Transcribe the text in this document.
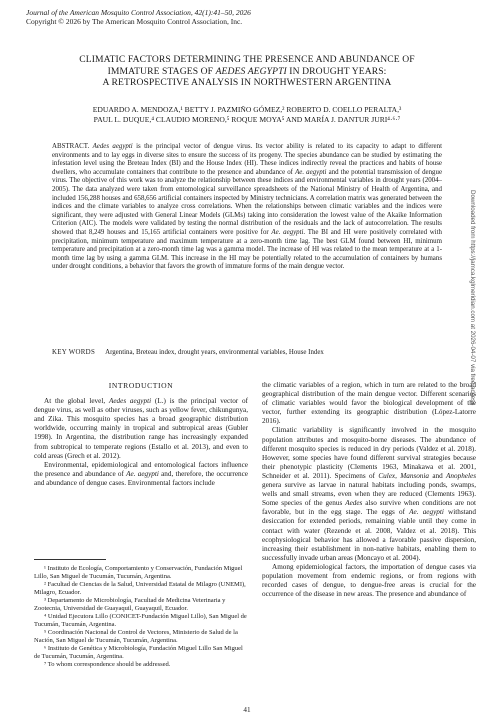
Journal of the American Mosquito Control Association, 42(1):41–50, 2026
Copyright © 2026 by The American Mosquito Control Association, Inc.
CLIMATIC FACTORS DETERMINING THE PRESENCE AND ABUNDANCE OF
IMMATURE STAGES OF AEDES AEGYPTI IN DROUGHT YEARS:
A RETROSPECTIVE ANALYSIS IN NORTHWESTERN ARGENTINA
EDUARDO A. MENDOZA,¹ BETTY J. PAZMIÑO GÓMEZ,² ROBERTO D. COELLO PERALTA,³
PAUL L. DUQUE,⁴ CLAUDIO MORENO,⁵ ROQUE MOYA⁵ AND MARÍA J. DANTUR JURI⁴·⁶·⁷
ABSTRACT. Aedes aegypti is the principal vector of dengue virus. Its vector ability is related to its capacity to adapt to different environments and to lay eggs in diverse sites to ensure the success of its progeny. The species abundance can be studied by estimating the infestation level using the Breteau Index (BI) and the House Index (HI). These indices indirectly reveal the practices and habits of house dwellers, who accumulate containers that contribute to the presence and abundance of Ae. aegypti and the potential transmission of dengue virus. The objective of this work was to analyze the relationship between these indices and environmental variables in drought years (2004–2005). The data analyzed were taken from entomological surveillance spreadsheets of the National Ministry of Health of Argentina, and included 156,288 houses and 658,656 artificial containers inspected by Ministry technicians. A correlation matrix was generated between the indices and the climate variables to analyze cross correlations. When the relationships between climatic variables and the indices were significant, they were adjusted with General Linear Models (GLMs) taking into consideration the lowest value of the Akaike Information Criterion (AIC). The models were validated by testing the normal distribution of the residuals and the lack of autocorrelation. The results showed that 8,249 houses and 15,165 artificial containers were positive for Ae. aegypti. The BI and HI were positively correlated with precipitation, minimum temperature and maximum temperature at a zero-month time lag. The best GLM found between HI, minimum temperature and precipitation at a zero-month time lag was a gamma model. The increase of HI was related to the mean temperature at a 1-month time lag by using a gamma GLM. This increase in the HI may be potentially related to the accumulation of containers by humans under drought conditions, a behavior that favors the growth of immature forms of the main dengue vector.
KEY WORDS Argentina, Breteau index, drought years, environmental variables, House Index
INTRODUCTION

At the global level, Aedes aegypti (L.) is the principal vector of dengue virus, as well as other viruses, such as yellow fever, chikungunya, and Zika. This mosquito species has a broad geographic distribution worldwide, occurring mainly in tropical and subtropical areas (Gubler 1998). In Argentina, the distribution range has increasingly expanded from subtropical to temperate regions (Estallo et al. 2013), and even to cold areas (Grech et al. 2012).

Environmental, epidemiological and entomological factors influence the presence and abundance of Ae. aegypti and, therefore, the occurrence and abundance of dengue cases. Environmental factors include

¹ Instituto de Ecología, Comportamiento y Conservación, Fundación Miguel Lillo, San Miguel de Tucumán, Tucumán, Argentina.

² Facultad de Ciencias de la Salud, Universidad Estatal de Milagro (UNEMI), Milagro, Ecuador.

³ Departamento de Microbiología, Facultad de Medicina Veterinaria y Zootecnia, Universidad de Guayaquil, Guayaquil, Ecuador.

⁴ Unidad Ejecutora Lillo (CONICET-Fundación Miguel Lillo), San Miguel de Tucumán, Tucumán, Argentina.

⁵ Coordinación Nacional de Control de Vectores, Ministerio de Salud de la Nación, San Miguel de Tucumán, Tucumán, Argentina.

⁶ Instituto de Genética y Microbiología, Fundación Miguel Lillo San Miguel de Tucumán, Tucumán, Argentina.

⁷ To whom correspondence should be addressed.

the climatic variables of a region, which in turn are related to the broad geographical distribution of the main dengue vector. Different scenarios of climatic variables would favor the biological development of the vector, further extending its geographic distribution (López-Latorre 2016).

Climatic variability is significantly involved in the mosquito population attributes and mosquito-borne diseases. The abundance of different mosquito species is reduced in dry periods (Valdez et al. 2018). However, some species have found different survival strategies because their phenotypic plasticity (Clements 1963, Minakawa et al. 2001, Schneider et al. 2011). Specimens of Culex, Mansonia and Anopheles genera survive as larvae in natural habitats including ponds, swamps, wells and small streams, even when they are reduced (Clements 1963). Some species of the genus Aedes also survive when conditions are not favorable, but in the egg stage. The eggs of Ae. aegypti withstand desiccation for extended periods, remaining viable until they come in contact with water (Rezende et al. 2008, Valdez et al. 2018). This ecophysiological behavior has allowed a favorable passive dispersion, increasing their establishment in non-native habitats, enabling them to successfully invade urban areas (Moncayo et al. 2004).

Among epidemiological factors, the importation of dengue cases via population movement from endemic regions, or from regions with recorded cases of dengue, to dengue-free areas is crucial for the occurrence of the disease in new areas. The presence and abundance of

41
Downloaded from https://jamca.kglmeridian.com at 2026-04-07 via free access
